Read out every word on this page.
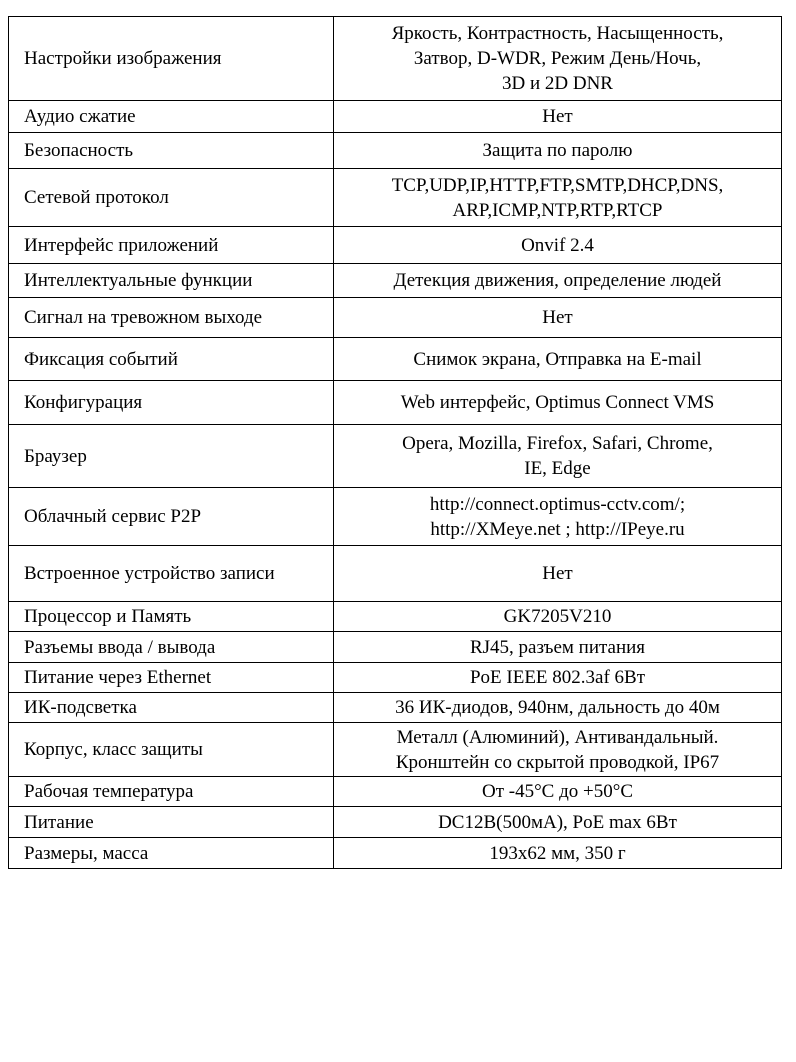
Настройки изображения	Яркость, Контрастность, Насыщенность,
Затвор, D-WDR, Режим День/Ночь,
3D и 2D DNR

Аудио сжатие	Нет

Безопасность	Защита по паролю

Сетевой протокол	TCP,UDP,IP,HTTP,FTP,SMTP,DHCP,DNS,
ARP,ICMP,NTP,RTP,RTCP

Интерфейс приложений	Onvif 2.4

Интеллектуальные функции	Детекция движения, определение людей

Сигнал на тревожном выходе	Нет

Фиксация событий	Снимок экрана, Отправка на E-mail

Конфигурация	Web интерфейс, Optimus Connect VMS

Браузер	Opera, Mozilla, Firefox, Safari, Chrome,
IE, Edge

Облачный сервис P2P	http://connect.optimus-cctv.com/;
http://XMeye.net ; http://IPeye.ru

Встроенное устройство записи	Нет

Процессор и Память	GK7205V210

Разъемы ввода / вывода	RJ45, разъем питания

Питание через Ethernet	PoE IEEE 802.3af 6Вт

ИК-подсветка	36 ИК-диодов, 940нм, дальность до 40м

Корпус, класс защиты	Металл (Алюминий), Антивандальный.
Кронштейн со скрытой проводкой, IP67

Рабочая температура	От -45°С до +50°С

Питание	DC12В(500мА), PoE max 6Вт

Размеры, масса	193х62 мм, 350 г
